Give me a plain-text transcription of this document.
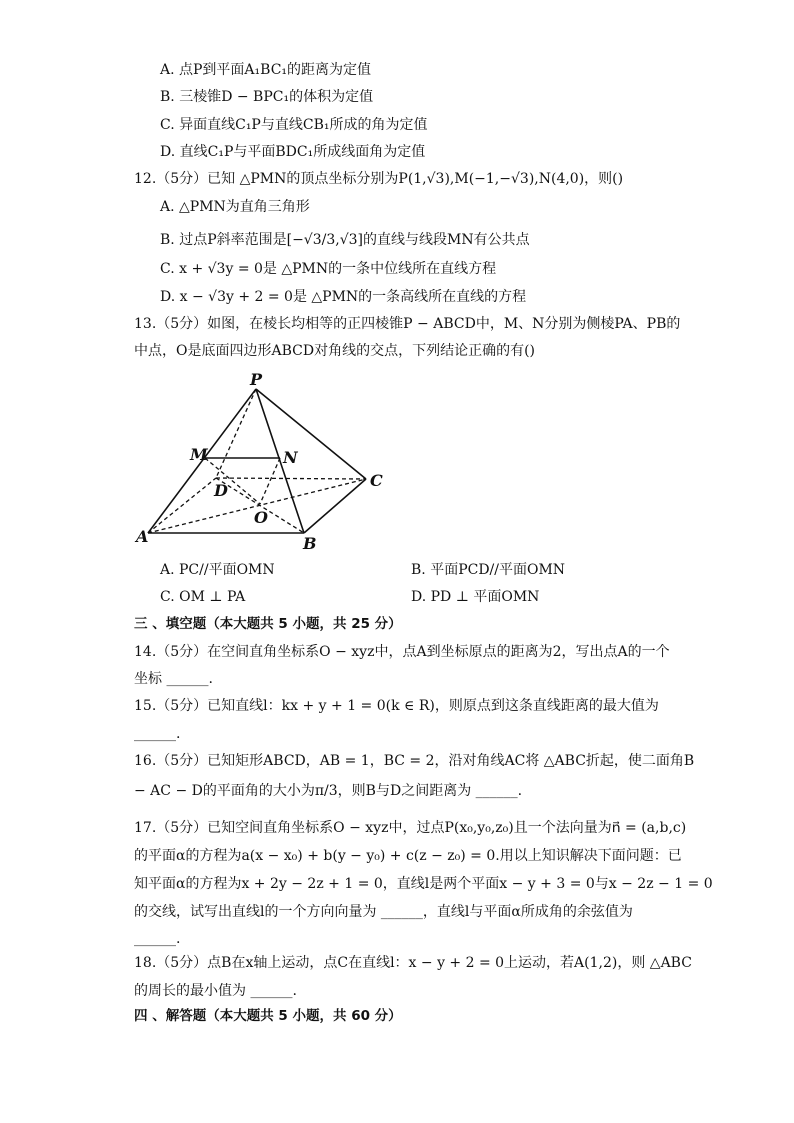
A. 点P到平面A₁BC₁的距离为定值
B. 三棱锥D − BPC₁的体积为定值
C. 异面直线C₁P与直线CB₁所成的角为定值
D. 直线C₁P与平面BDC₁所成线面角为定值
12.（5分）已知 △PMN的顶点坐标分别为P(1,√3),M(−1,−√3),N(4,0)，则()
A. △PMN为直角三角形
B. 过点P斜率范围是[−√3/3,√3]的直线与线段MN有公共点
C. x + √3y = 0是 △PMN的一条中位线所在直线方程
D. x − √3y + 2 = 0是 △PMN的一条高线所在直线的方程
13.（5分）如图，在棱长均相等的正四棱锥P − ABCD中，M、N分别为侧棱PA、PB的
中点，O是底面四边形ABCD对角线的交点，下列结论正确的有()
P
M	N
D
C
O
A	B
A. PC//平面OMN	B. 平面PCD//平面OMN
C. OM ⊥ PA	D. PD ⊥ 平面OMN
三 、填空题（本大题共 5 小题，共 25 分）
14.（5分）在空间直角坐标系O − xyz中，点A到坐标原点的距离为2，写出点A的一个
坐标 ______.
15.（5分）已知直线l：kx + y + 1 = 0(k ∈ R)，则原点到这条直线距离的最大值为
______.
16.（5分）已知矩形ABCD，AB = 1，BC = 2，沿对角线AC将 △ABC折起，使二面角B
− AC − D的平面角的大小为π/3，则B与D之间距离为 ______.
17.（5分）已知空间直角坐标系O − xyz中，过点P(x₀,y₀,z₀)且一个法向量为n⃗ = (a,b,c)
的平面α的方程为a(x − x₀) + b(y − y₀) + c(z − z₀) = 0.用以上知识解决下面问题：已
知平面α的方程为x + 2y − 2z + 1 = 0，直线l是两个平面x − y + 3 = 0与x − 2z − 1 = 0
的交线，试写出直线l的一个方向向量为 ______，直线l与平面α所成角的余弦值为
______.
18.（5分）点B在x轴上运动，点C在直线l：x − y + 2 = 0上运动，若A(1,2)，则 △ABC
的周长的最小值为 ______.
四 、解答题（本大题共 5 小题，共 60 分）
